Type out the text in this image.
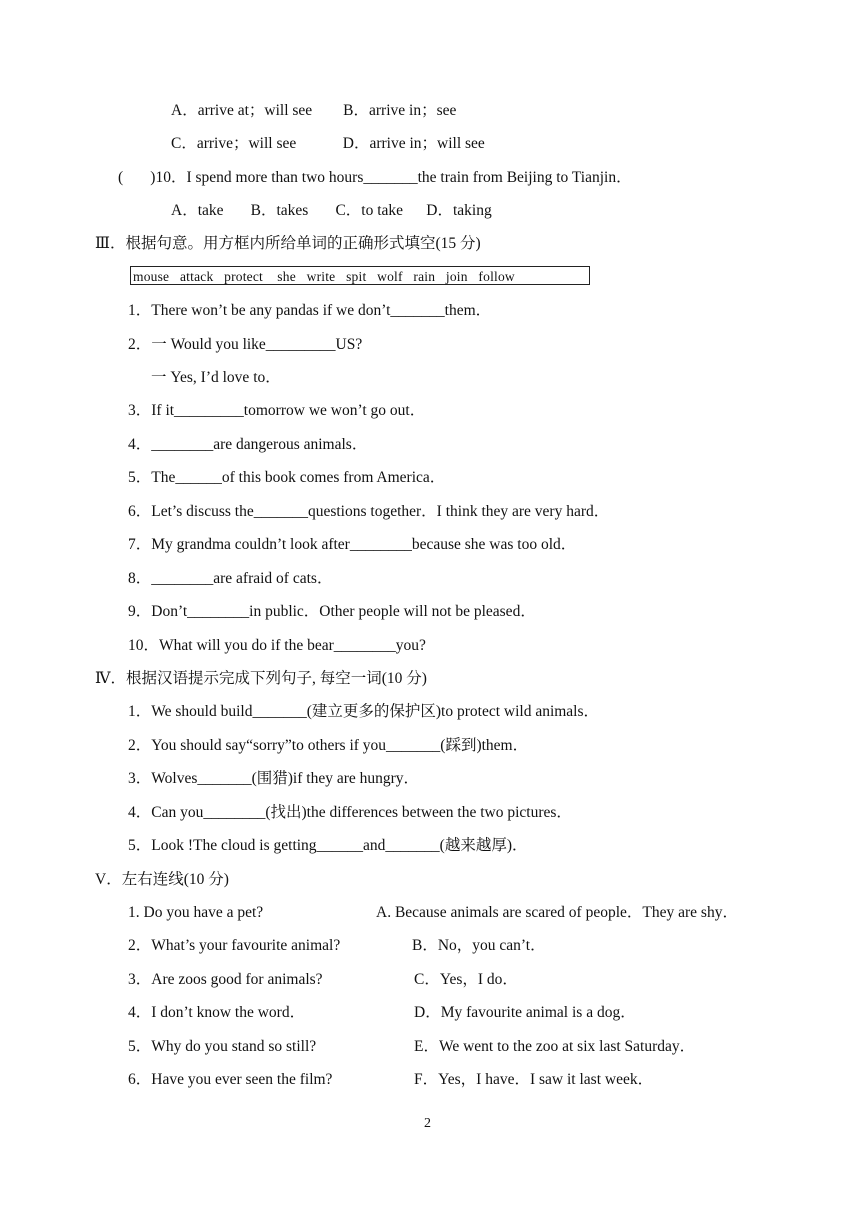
A．arrive at；will see        B．arrive in；see
C．arrive；will see            D．arrive in；will see
(       )10．I spend more than two hours_______the train from Beijing to Tianjin．
A．take       B．takes       C．to take      D．taking
Ⅲ．根据句意。用方框内所给单词的正确形式填空(15 分)
1．There won’t be any pandas if we don’t_______them．
2．一 Would you like_________US?
一 Yes, I’d love to．
3．If it_________tomorrow we won’t go out．
4．________are dangerous animals．
5．The______of this book comes from America．
6．Let’s discuss the_______questions together．I think they are very hard．
7．My grandma couldn’t look after________because she was too old．
8．________are afraid of cats．
9．Don’t________in public．Other people will not be pleased．
10．What will you do if the bear________you?
Ⅳ．根据汉语提示完成下列句子, 每空一词(10 分)
1．We should build_______(建立更多的保护区)to protect wild animals．
2．You should say“sorry”to others if you_______(踩到)them．
3．Wolves_______(围猎)if they are hungry．
4．Can you________(找出)the differences between the two pictures．
5．Look !The cloud is getting______and_______(越来越厚)．
V．左右连线(10 分)
1. Do you have a pet?	A. Because animals are scared of people．They are shy．
2．What’s your favourite animal?	B．No，you can’t．
3．Are zoos good for animals?	C．Yes，I do．
4．I don’t know the word．	D．My favourite animal is a dog．
5．Why do you stand so still?	E．We went to the zoo at six last Saturday．
6．Have you ever seen the film?	F．Yes，I have．I saw it last week．
mouse   attack   protect    she   write   spit   wolf   rain   join   follow
2
